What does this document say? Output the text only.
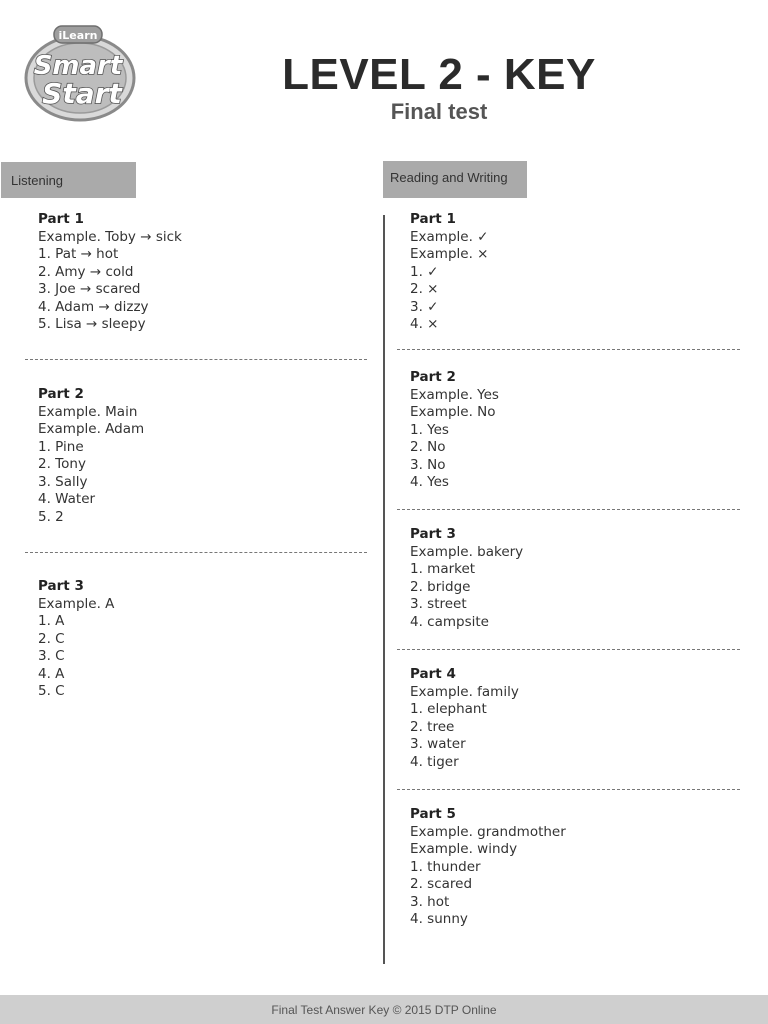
iLearn
Smart
Start	LEVEL 2 - KEY
Final test
Listening	Reading and Writing
Part 1
Example. Toby → sick
1. Pat → hot
2. Amy → cold
3. Joe → scared
4. Adam → dizzy
5. Lisa → sleepy
Part 2
Example. Main
Example. Adam
1. Pine
2. Tony
3. Sally
4. Water
5. 2
Part 3
Example. A
1. A
2. C
3. C
4. A
5. C
Part 1
Example. ✓
Example. ×
1. ✓
2. ×
3. ✓
4. ×
Part 2
Example. Yes
Example. No
1. Yes
2. No
3. No
4. Yes
Part 3
Example. bakery
1. market
2. bridge
3. street
4. campsite
Part 4
Example. family
1. elephant
2. tree
3. water
4. tiger
Part 5
Example. grandmother
Example. windy
1. thunder
2. scared
3. hot
4. sunny
Final Test Answer Key © 2015 DTP Online
